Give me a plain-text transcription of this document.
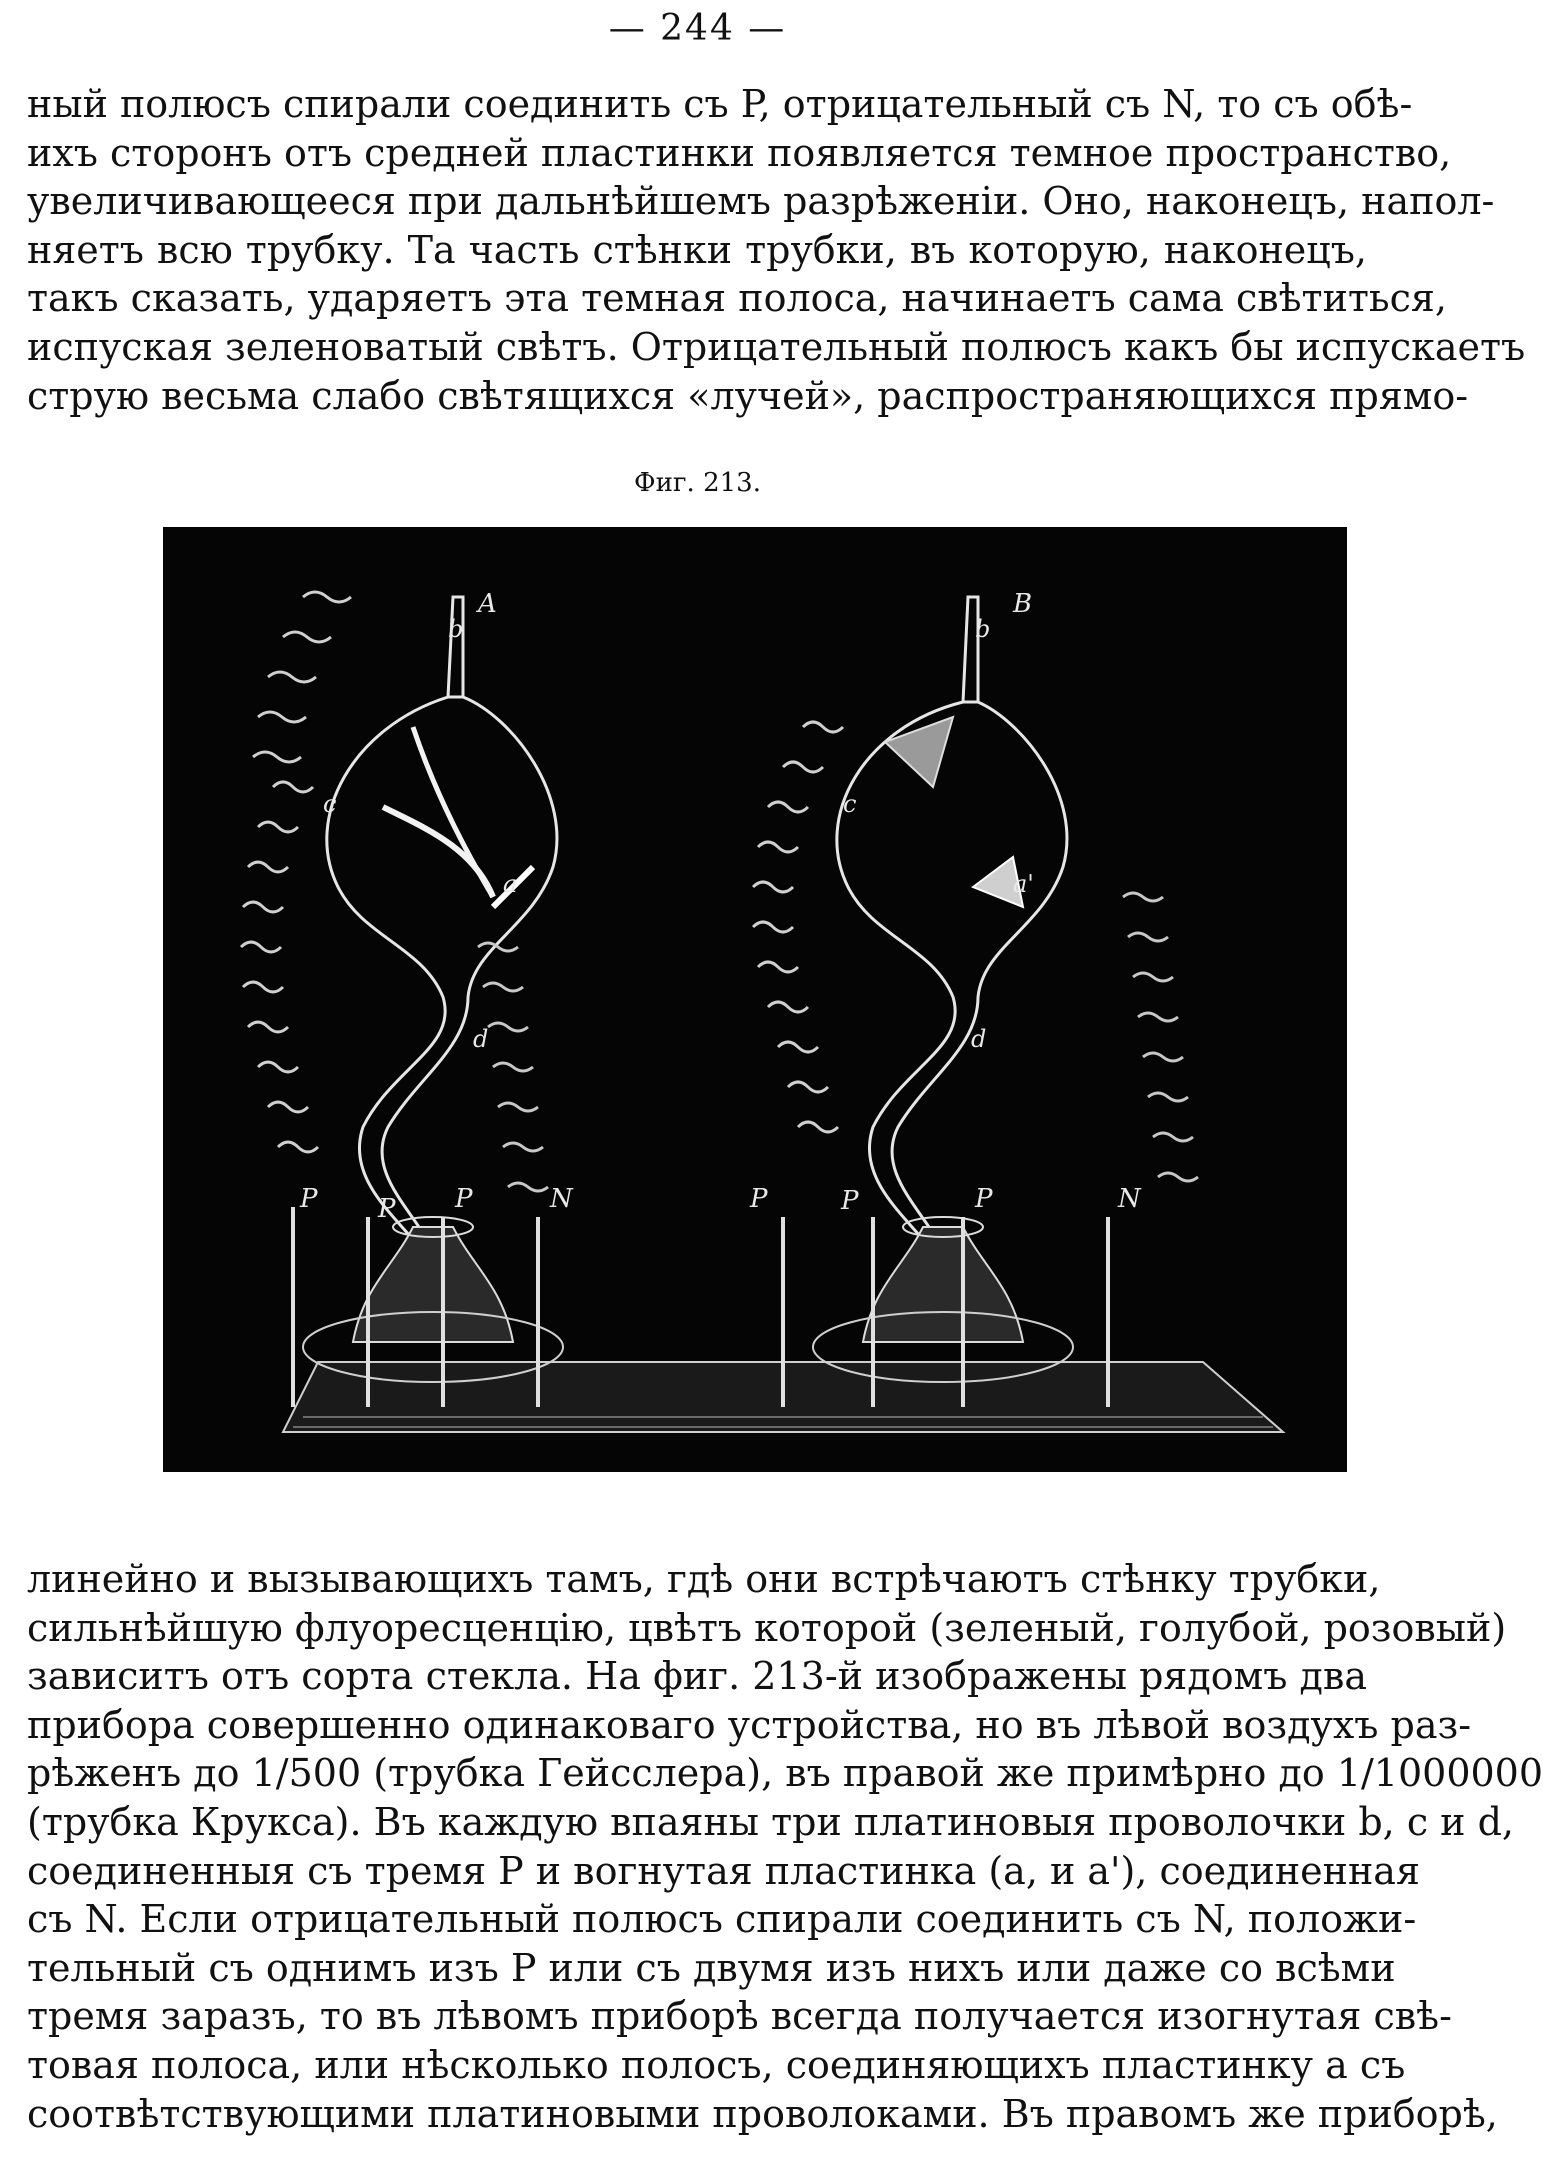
— 244 —
ный полюсъ спирали соединить съ P, отрицательный съ N, то съ обѣ-
ихъ сторонъ отъ средней пластинки появляется темное пространство,
увеличивающееся при дальнѣйшемъ разрѣженіи. Оно, наконецъ, напол-
няетъ всю трубку. Та часть стѣнки трубки, въ которую, наконецъ,
такъ сказать, ударяетъ эта темная полоса, начинаетъ сама свѣтиться,
испуская зеленоватый свѣтъ. Отрицательный полюсъ какъ бы испускаетъ
струю весьма слабо свѣтящихся «лучей», распространяющихся прямо-
Фиг. 213.
A
b
c
a
d
B
b
c
a'
d
P P P	N	P	P	P	N
линейно и вызывающихъ тамъ, гдѣ они встрѣчаютъ стѣнку трубки,
сильнѣйшую флуоресценцію, цвѣтъ которой (зеленый, голубой, розовый)
зависитъ отъ сорта стекла. На фиг. 213-й изображены рядомъ два
прибора совершенно одинаковаго устройства, но въ лѣвой воздухъ раз-
рѣженъ до 1/500 (трубка Гейсслера), въ правой же примѣрно до 1/1000000
(трубка Крукса). Въ каждую впаяны три платиновыя проволочки b, c и d,
соединенныя съ тремя P и вогнутая пластинка (a, и a'), соединенная
съ N. Если отрицательный полюсъ спирали соединить съ N, положи-
тельный съ однимъ изъ P или съ двумя изъ нихъ или даже со всѣми
тремя заразъ, то въ лѣвомъ приборѣ всегда получается изогнутая свѣ-
товая полоса, или нѣсколько полосъ, соединяющихъ пластинку a съ
соотвѣтствующими платиновыми проволоками. Въ правомъ же приборѣ,
